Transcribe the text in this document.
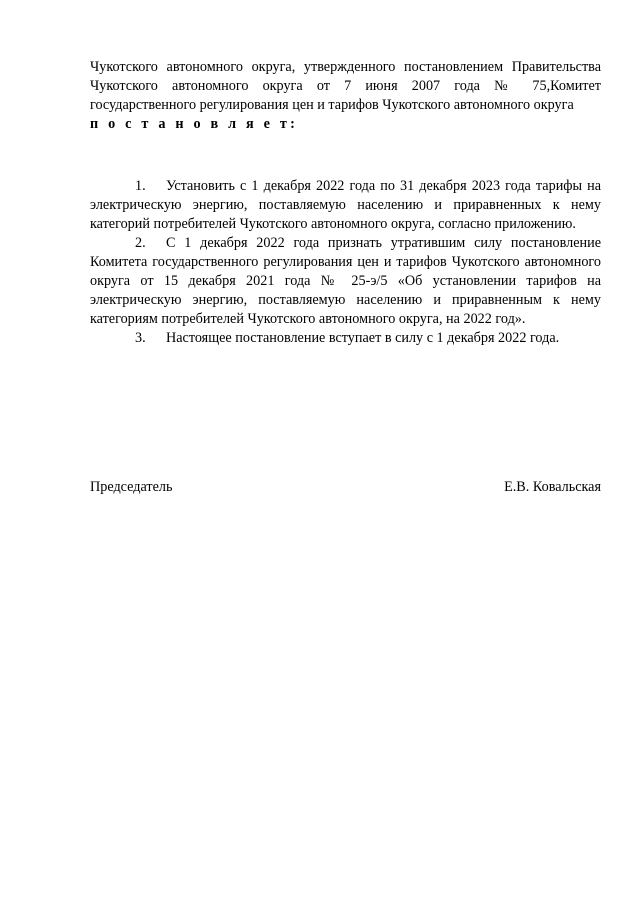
Чукотского автономного округа, утвержденного постановлением Правительства Чукотского автономного округа от 7 июня 2007 года № 75,Комитет государственного регулирования цен и тарифов Чукотского автономного округа

п о с т а н о в л я е т:

1. Установить с 1 декабря 2022 года по 31 декабря 2023 года тарифы на электрическую энергию, поставляемую населению и приравненных к нему категорий потребителей Чукотского автономного округа, согласно приложению.

2. С 1 декабря 2022 года признать утратившим силу постановление Комитета государственного регулирования цен и тарифов Чукотского автономного округа от 15 декабря 2021 года № 25-э/5 «Об установлении тарифов на электрическую энергию, поставляемую населению и приравненным к нему категориям потребителей Чукотского автономного округа, на 2022 год».

3. Настоящее постановление вступает в силу с 1 декабря 2022 года.

Председатель	Е.В. Ковальская
